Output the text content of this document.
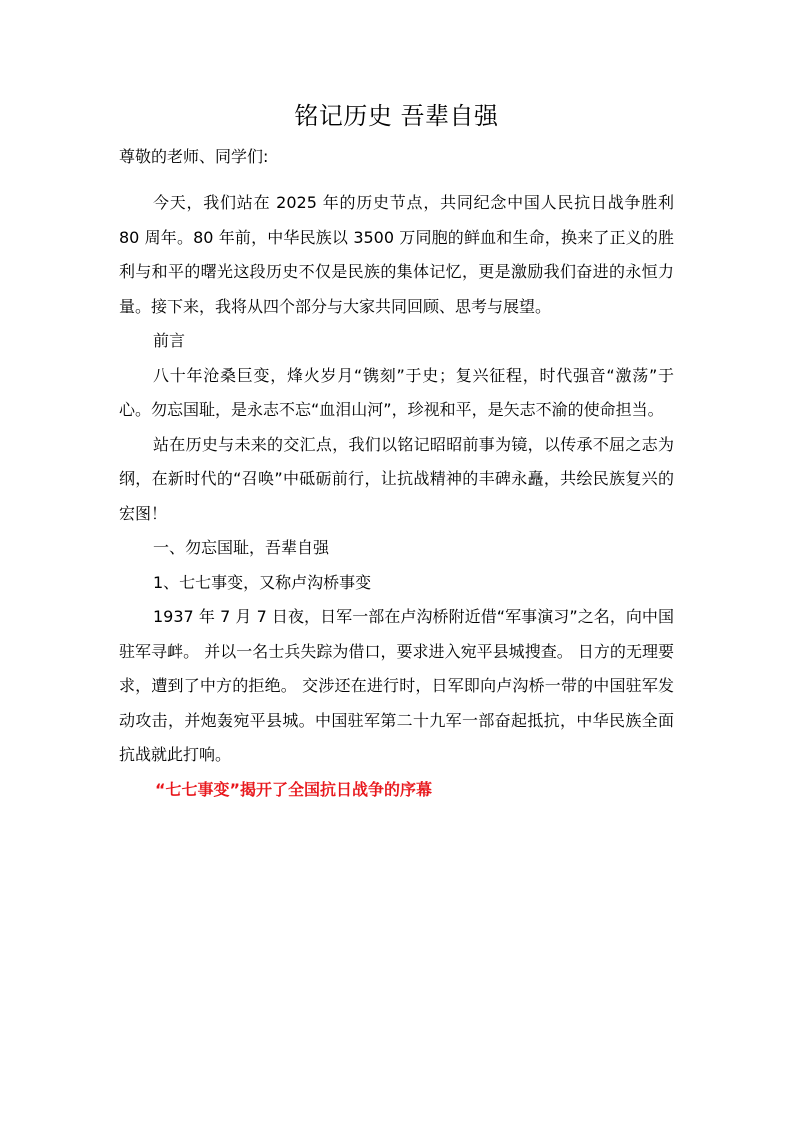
铭记历史 吾辈自强
尊敬的老师、同学们:

今天，我们站在 2025 年的历史节点，共同纪念中国人民抗日战争胜利 80 周年。80 年前，中华民族以 3500 万同胞的鲜血和生命，换来了正义的胜利与和平的曙光这段历史不仅是民族的集体记忆，更是激励我们奋进的永恒力量。接下来，我将从四个部分与大家共同回顾、思考与展望。

前言

八十年沧桑巨变，烽火岁月“镌刻”于史；复兴征程，时代强音“激荡”于心。勿忘国耻，是永志不忘“血泪山河”，珍视和平，是矢志不渝的使命担当。

站在历史与未来的交汇点，我们以铭记昭昭前事为镜，以传承不屈之志为纲，在新时代的“召唤”中砥砺前行，让抗战精神的丰碑永矗，共绘民族复兴的宏图！

一、勿忘国耻，吾辈自强

1、七七事变，又称卢沟桥事变

1937 年 7 月 7 日夜，日军一部在卢沟桥附近借“军事演习”之名，向中国驻军寻衅。 并以一名士兵失踪为借口，要求进入宛平县城搜查。 日方的无理要求，遭到了中方的拒绝。 交涉还在进行时，日军即向卢沟桥一带的中国驻军发动攻击，并炮轰宛平县城。中国驻军第二十九军一部奋起抵抗，中华民族全面抗战就此打响。

“七七事变”揭开了全国抗日战争的序幕
